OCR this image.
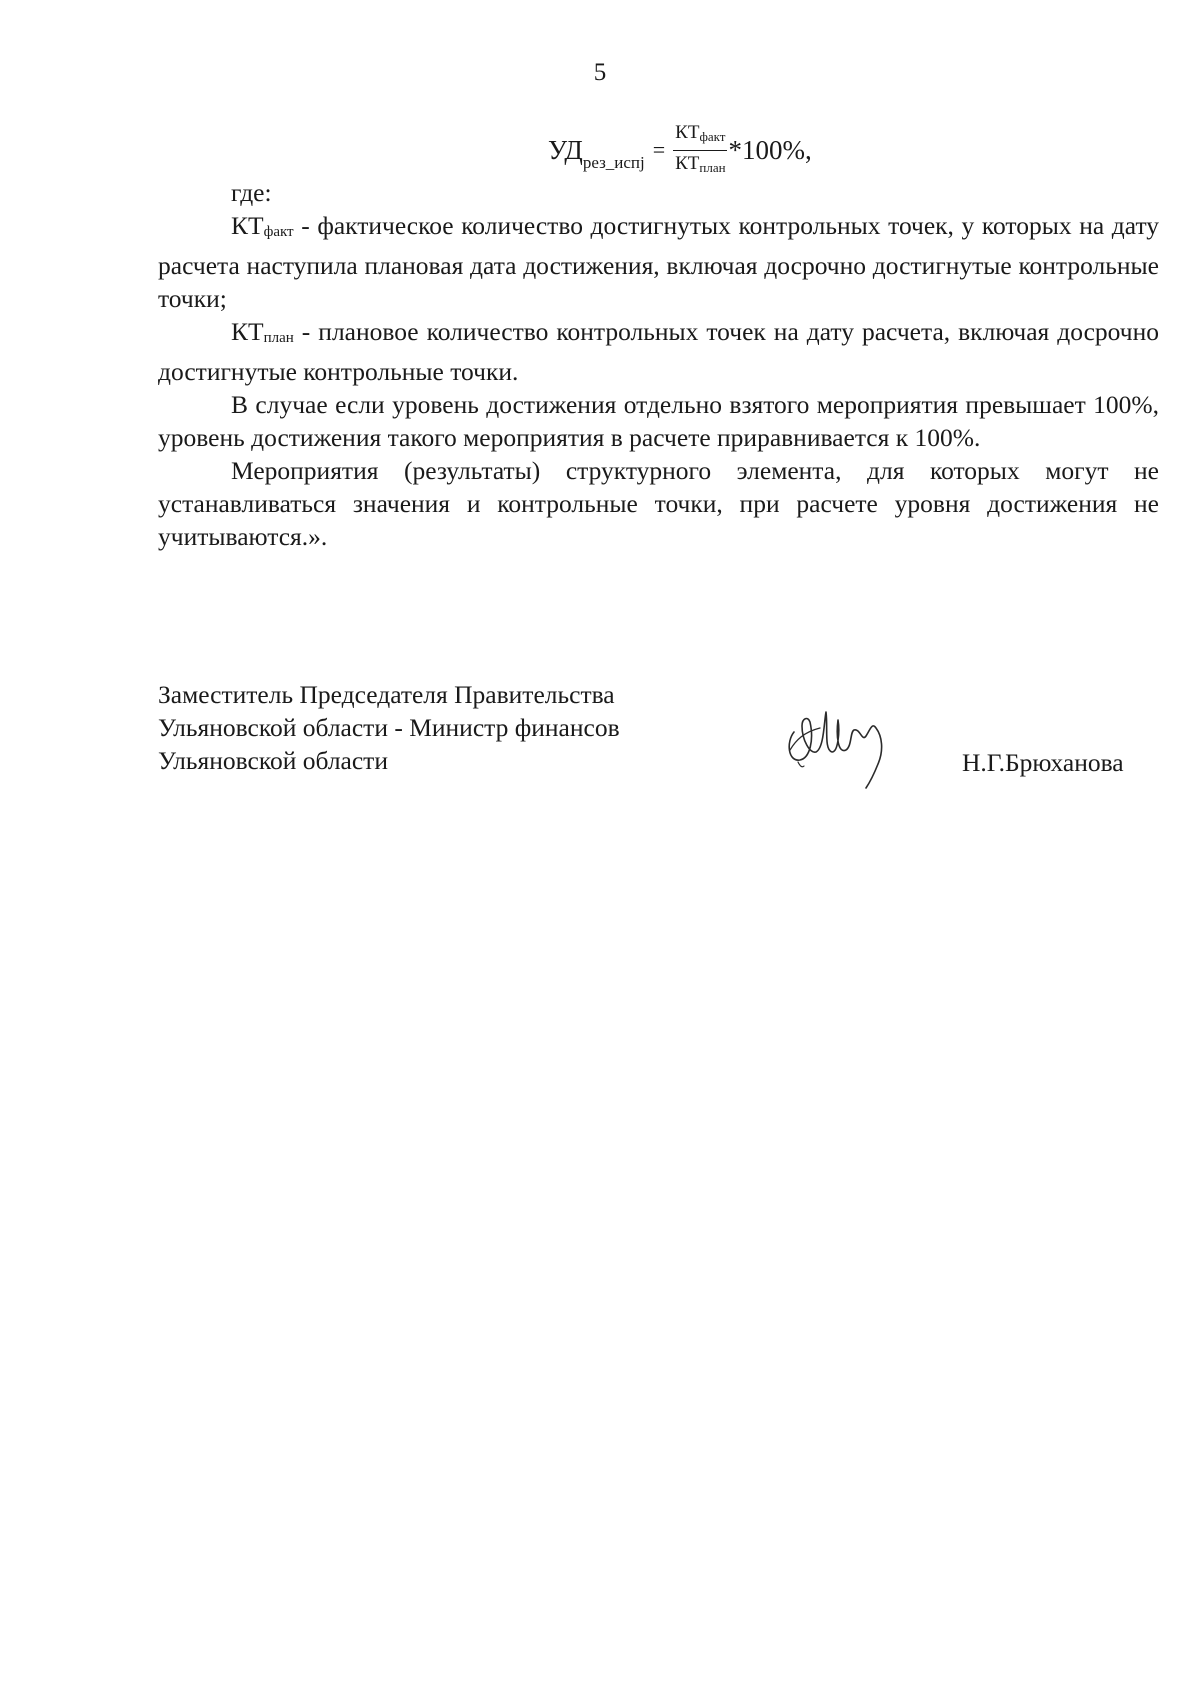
5
$УД_{рез\_испj} = \frac{КТ_{факт}}{КТ_{план}} *100\%$,

где:

$КТ_{факт}$ - фактическое количество достигнутых контрольных точек, у которых на дату расчета наступила плановая дата достижения, включая досрочно достигнутые контрольные точки;

$КТ_{план}$ - плановое количество контрольных точек на дату расчета, включая досрочно достигнутые контрольные точки.

В случае если уровень достижения отдельно взятого мероприятия превышает 100%, уровень достижения такого мероприятия в расчете приравнивается к 100%.

Мероприятия (результаты) структурного элемента, для которых могут не устанавливаться значения и контрольные точки, при расчете уровня достижения не учитываются.».

Заместитель Председателя Правительства
Ульяновской области - Министр финансов
Ульяновской области	Н.Г.Брюханова
